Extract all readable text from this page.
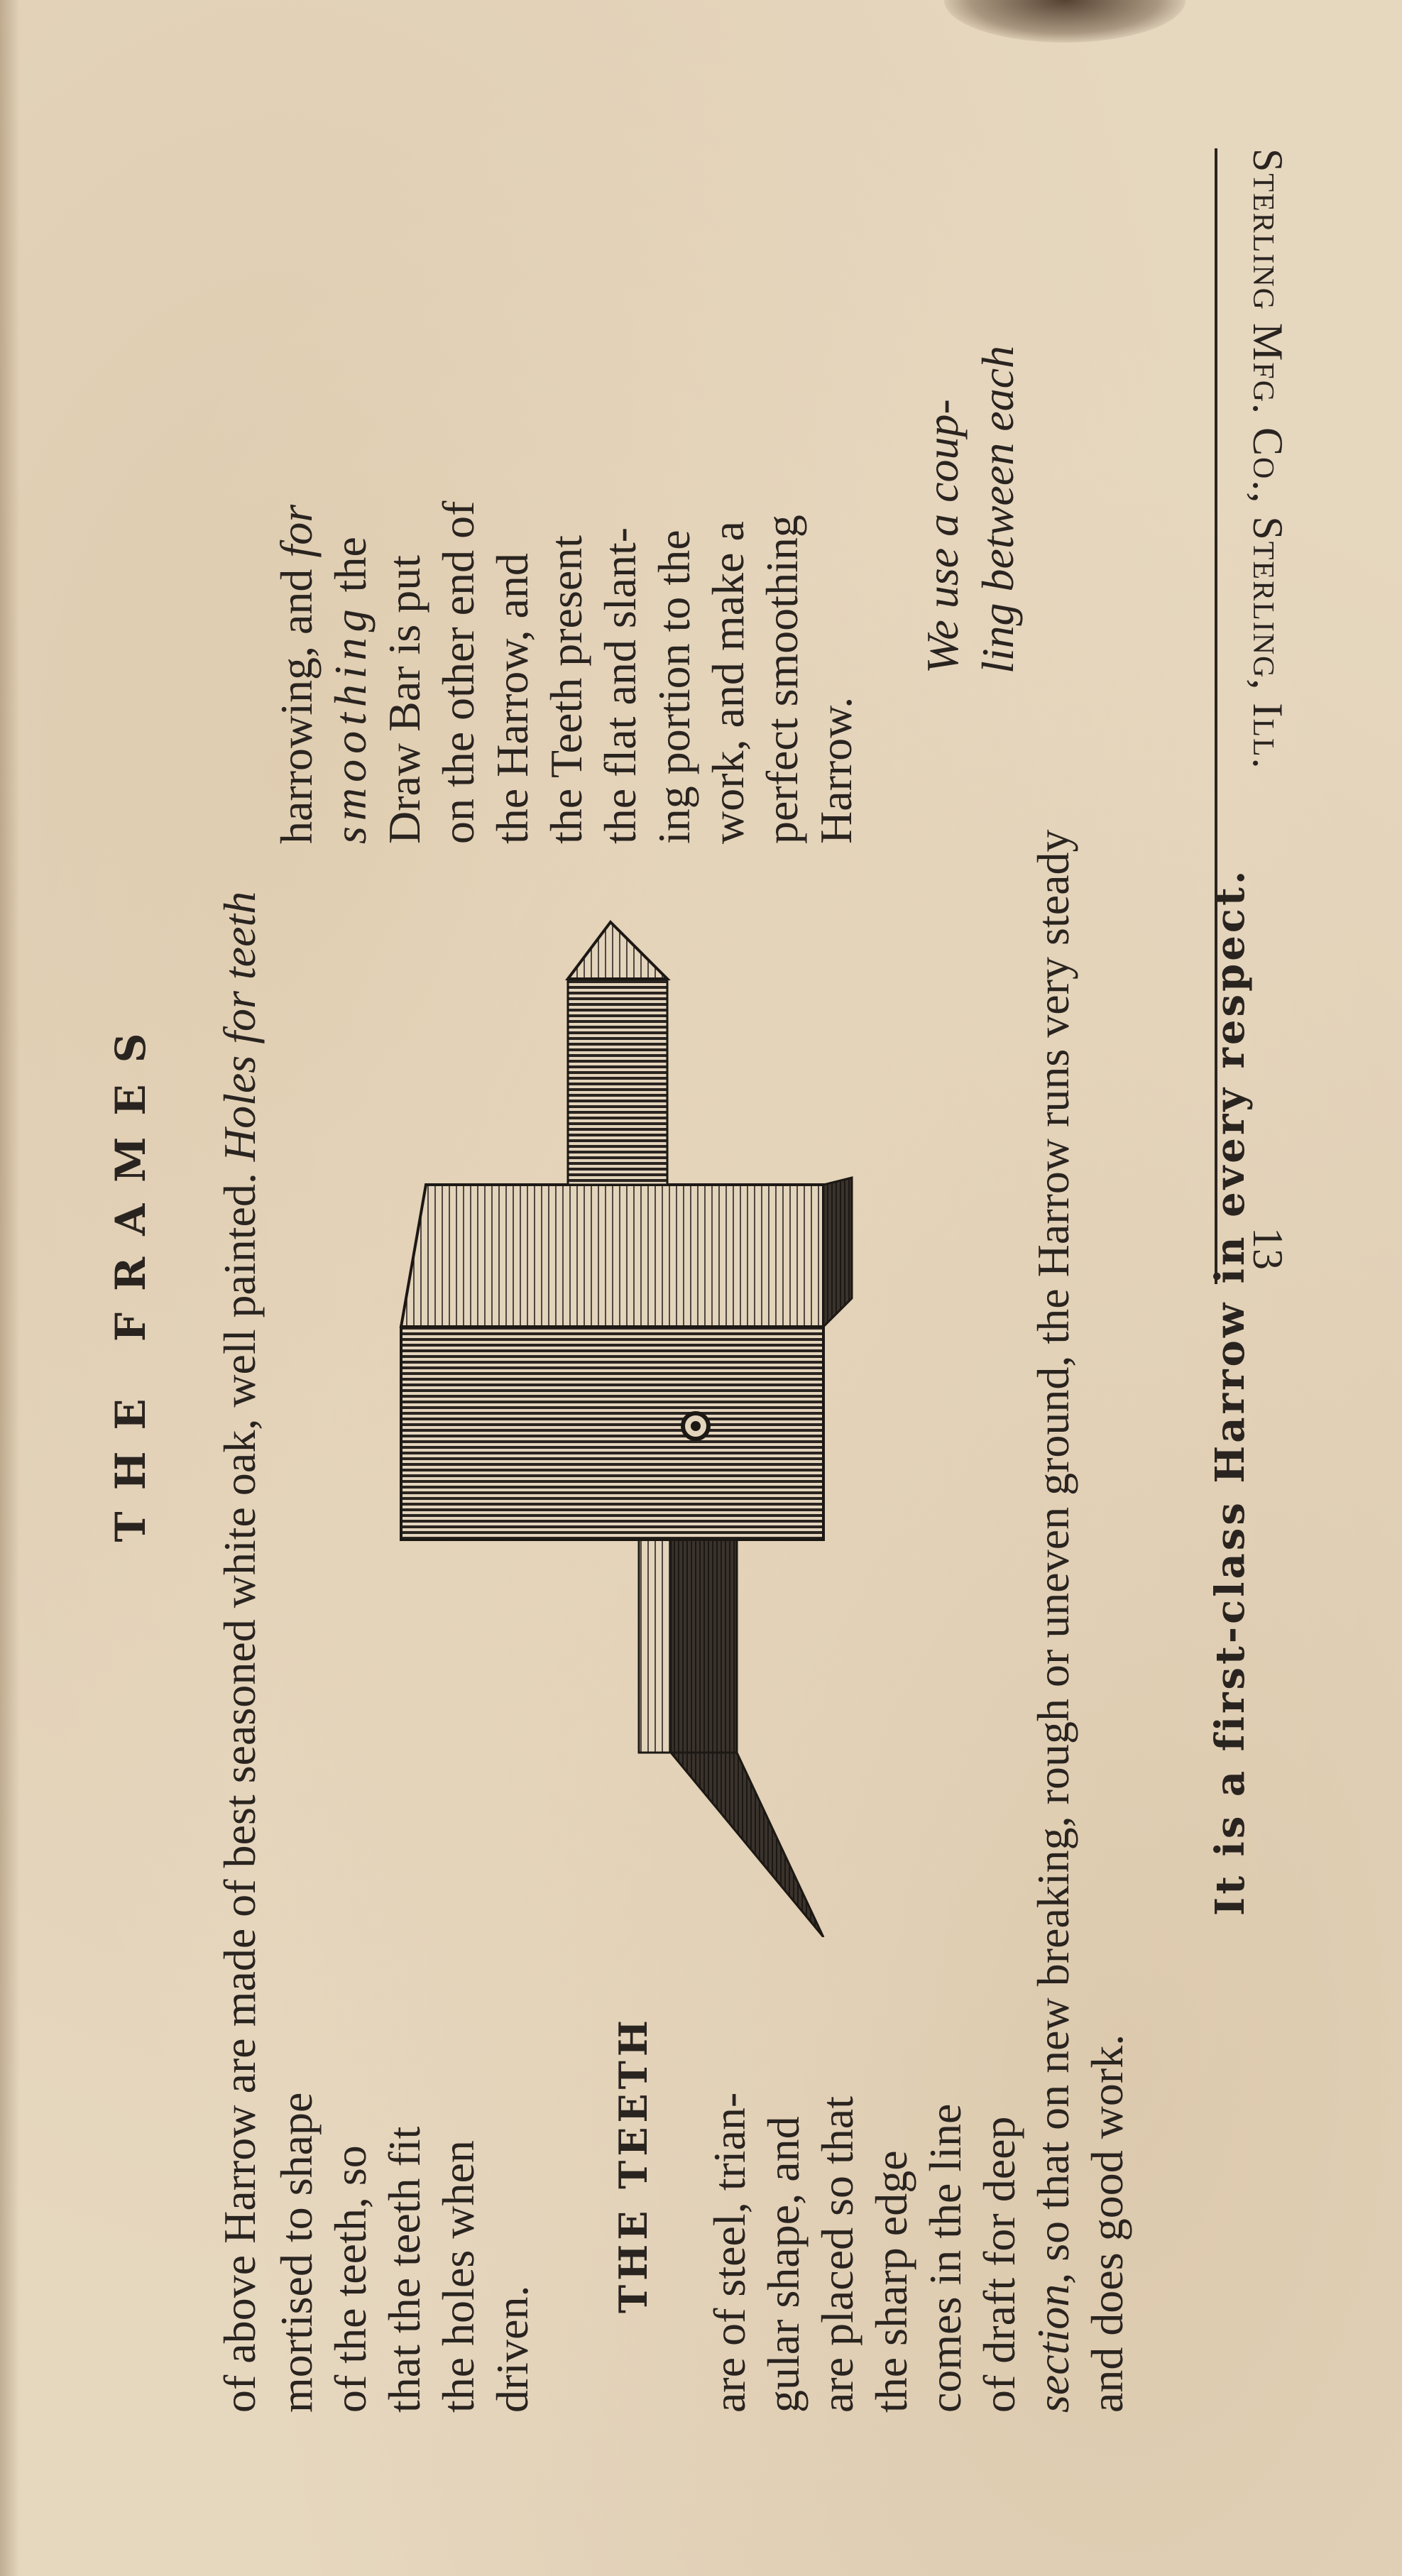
Sterling Mfg. Co., Sterling, Ill.
13
THE FRAMES of above Harrow are made of best seasoned white oak, well painted. Holes for teeth
mortised to shape of the teeth, so that the teeth fit the holes when driven.
harrowing, and for
smoothing the Draw Bar is put on the other end of the Harrow, and the Teeth present the flat and slant- ing portion to the work, and make a perfect smoothing Harrow.
THE TEETH are of steel, trian- gular shape, and are placed so that the sharp edge comes in the line of draft for deep section, so that on new breaking, rough or uneven ground, the Harrow runs very steady and does good work.
We use a coup- ling between each
It is a first-class Harrow in every respect.
